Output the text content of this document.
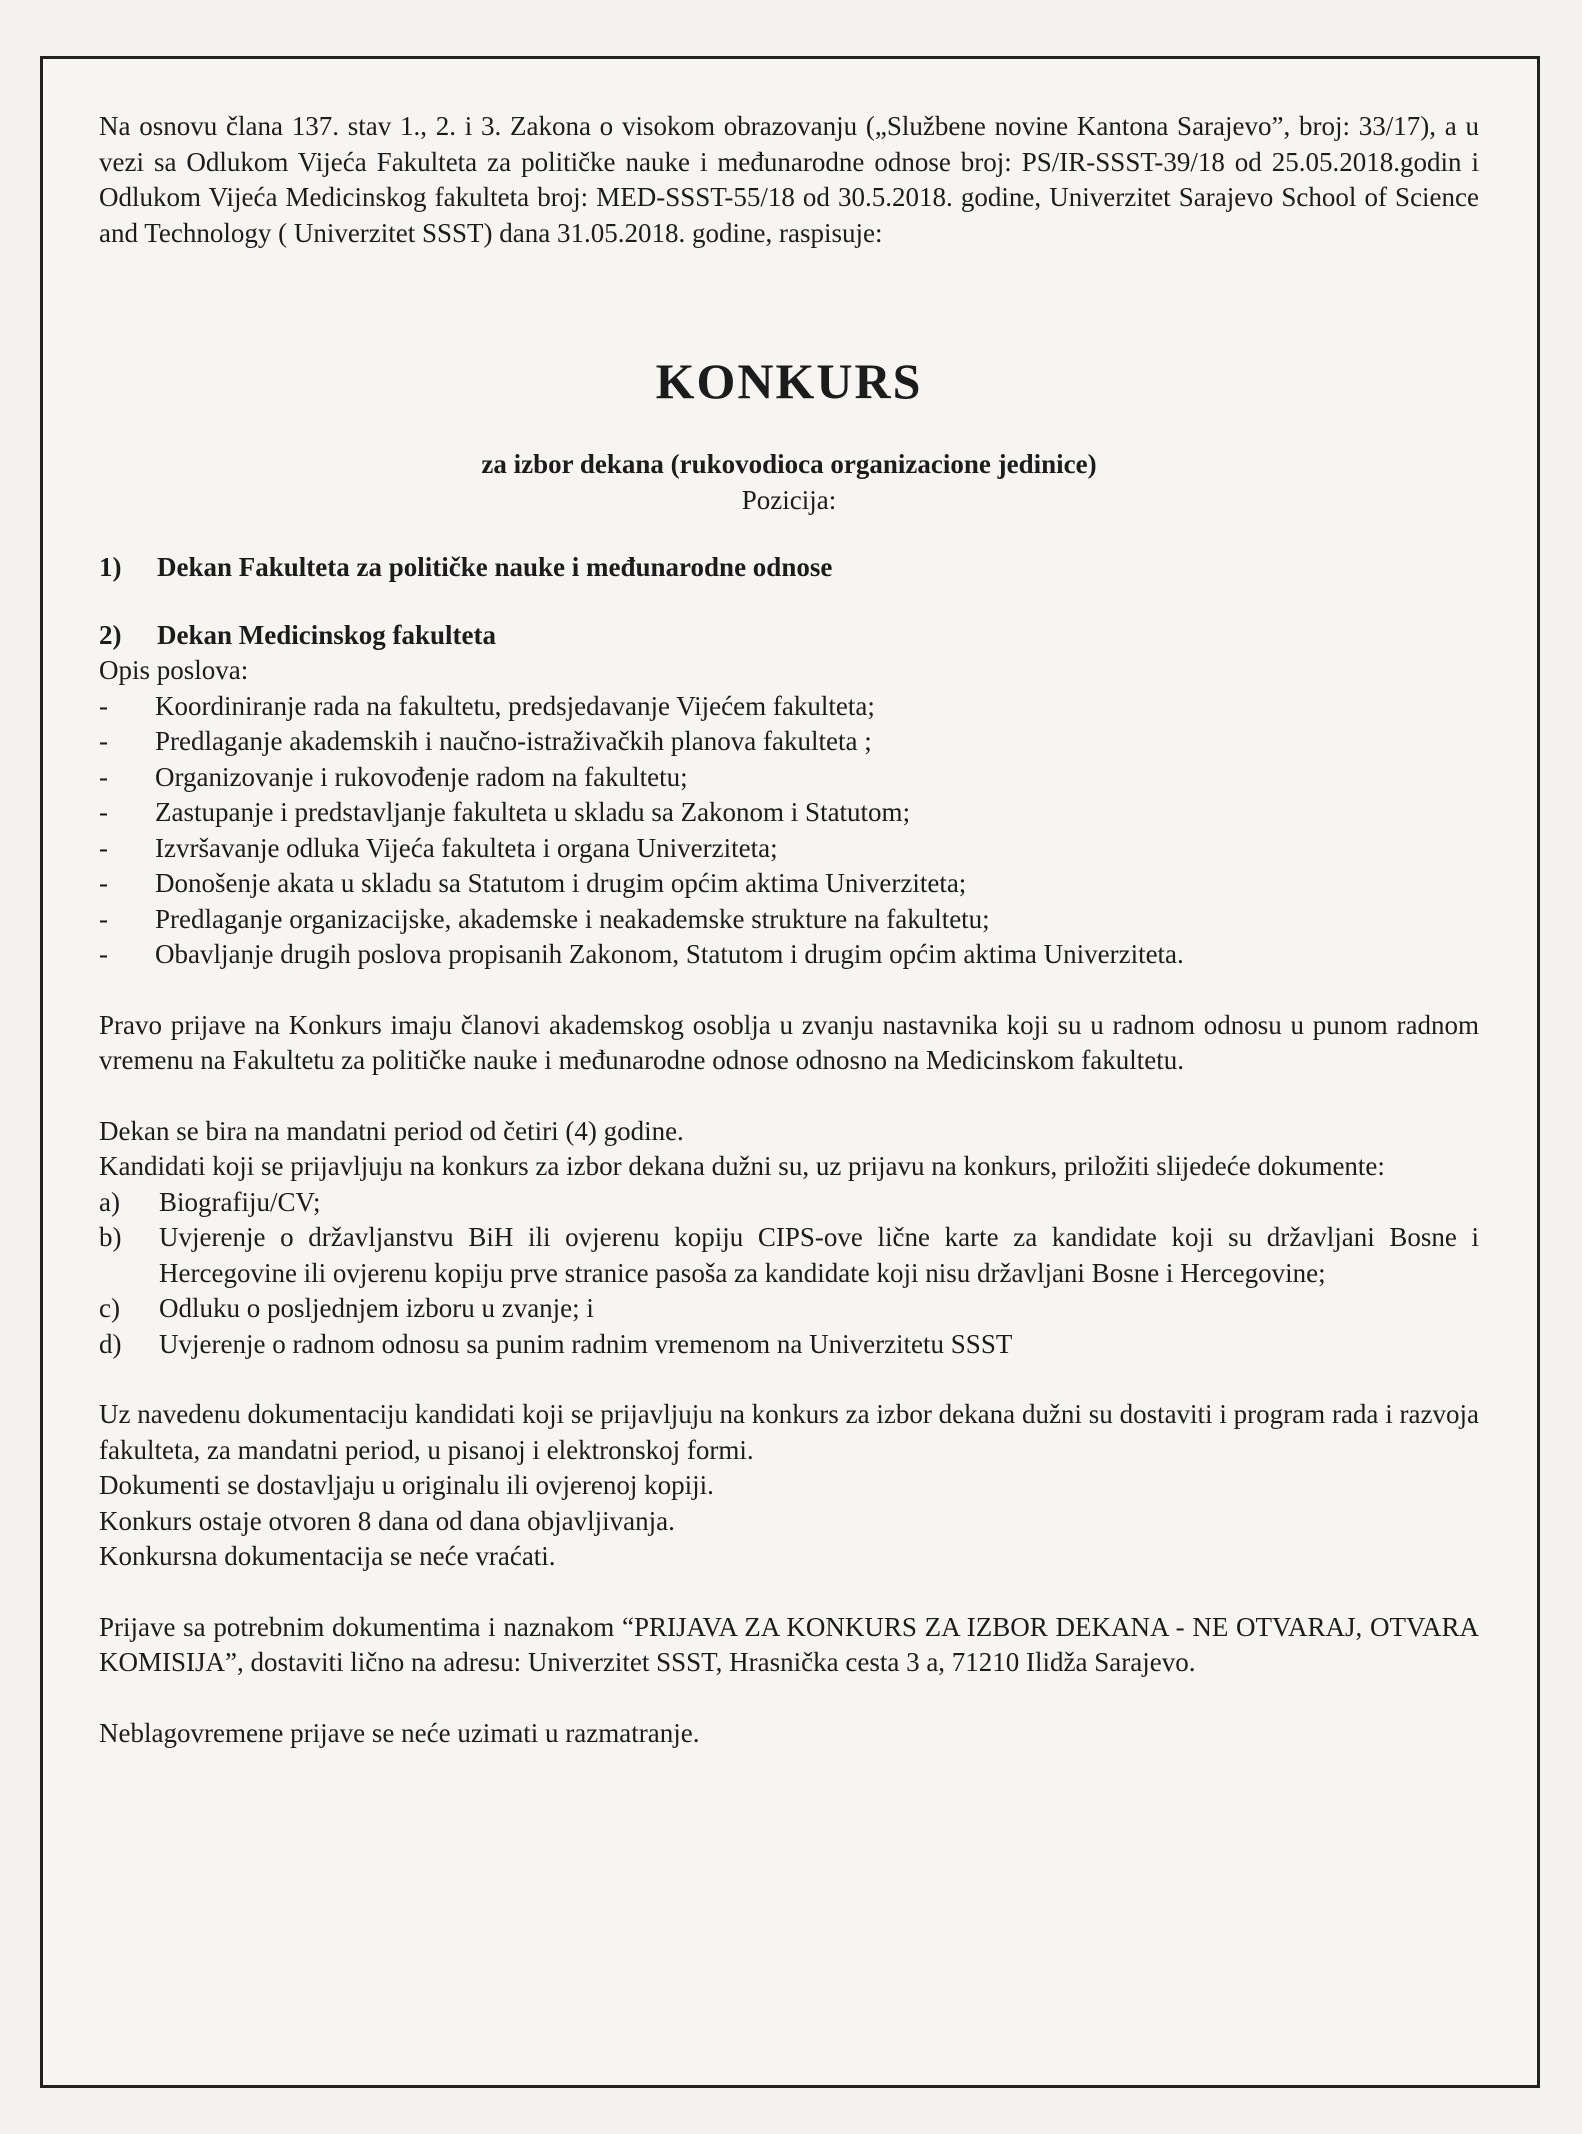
Na osnovu člana 137. stav 1., 2. i 3. Zakona o visokom obrazovanju („Službene novine Kantona Sarajevo”, broj: 33/17), a u vezi sa Odlukom Vijeća Fakulteta za političke nauke i međunarodne odnose broj: PS/IR-SSST-39/18 od 25.05.2018.godin i Odlukom Vijeća Medicinskog fakulteta broj: MED-SSST-55/18 od 30.5.2018. godine, Univerzitet Sarajevo School of Science and Technology ( Univerzitet SSST) dana 31.05.2018. godine, raspisuje:

KONKURS

za izbor dekana (rukovodioca organizacione jedinice)

Pozicija:

1) Dekan Fakulteta za političke nauke i međunarodne odnose

2) Dekan Medicinskog fakulteta

Opis poslova:

- Koordiniranje rada na fakultetu, predsjedavanje Vijećem fakulteta;
- Predlaganje akademskih i naučno-istraživačkih planova fakulteta ;
- Organizovanje i rukovođenje radom na fakultetu;
- Zastupanje i predstavljanje fakulteta u skladu sa Zakonom i Statutom;
- Izvršavanje odluka Vijeća fakulteta i organa Univerziteta;
- Donošenje akata u skladu sa Statutom i drugim općim aktima Univerziteta;
- Predlaganje organizacijske, akademske i neakademske strukture na fakultetu;
- Obavljanje drugih poslova propisanih Zakonom, Statutom i drugim općim aktima Univerziteta.

Pravo prijave na Konkurs imaju članovi akademskog osoblja u zvanju nastavnika koji su u radnom odnosu u punom radnom vremenu na Fakultetu za političke nauke i međunarodne odnose odnosno na Medicinskom fakultetu.

Dekan se bira na mandatni period od četiri (4) godine.

Kandidati koji se prijavljuju na konkurs za izbor dekana dužni su, uz prijavu na konkurs, priložiti slijedeće dokumente:

a) Biografiju/CV;
b) Uvjerenje o državljanstvu BiH ili ovjerenu kopiju CIPS-ove lične karte za kandidate koji su državljani Bosne i Hercegovine ili ovjerenu kopiju prve stranice pasoša za kandidate koji nisu državljani Bosne i Hercegovine;
c) Odluku o posljednjem izboru u zvanje; i
d) Uvjerenje o radnom odnosu sa punim radnim vremenom na Univerzitetu SSST

Uz navedenu dokumentaciju kandidati koji se prijavljuju na konkurs za izbor dekana dužni su dostaviti i program rada i razvoja fakulteta, za mandatni period, u pisanoj i elektronskoj formi.

Dokumenti se dostavljaju u originalu ili ovjerenoj kopiji.

Konkurs ostaje otvoren 8 dana od dana objavljivanja.

Konkursna dokumentacija se neće vraćati.

Prijave sa potrebnim dokumentima i naznakom “PRIJAVA ZA KONKURS ZA IZBOR DEKANA - NE OTVARAJ, OTVARA KOMISIJA”, dostaviti lično na adresu: Univerzitet SSST, Hrasnička cesta 3 a, 71210 Ilidža Sarajevo.

Neblagovremene prijave se neće uzimati u razmatranje.
